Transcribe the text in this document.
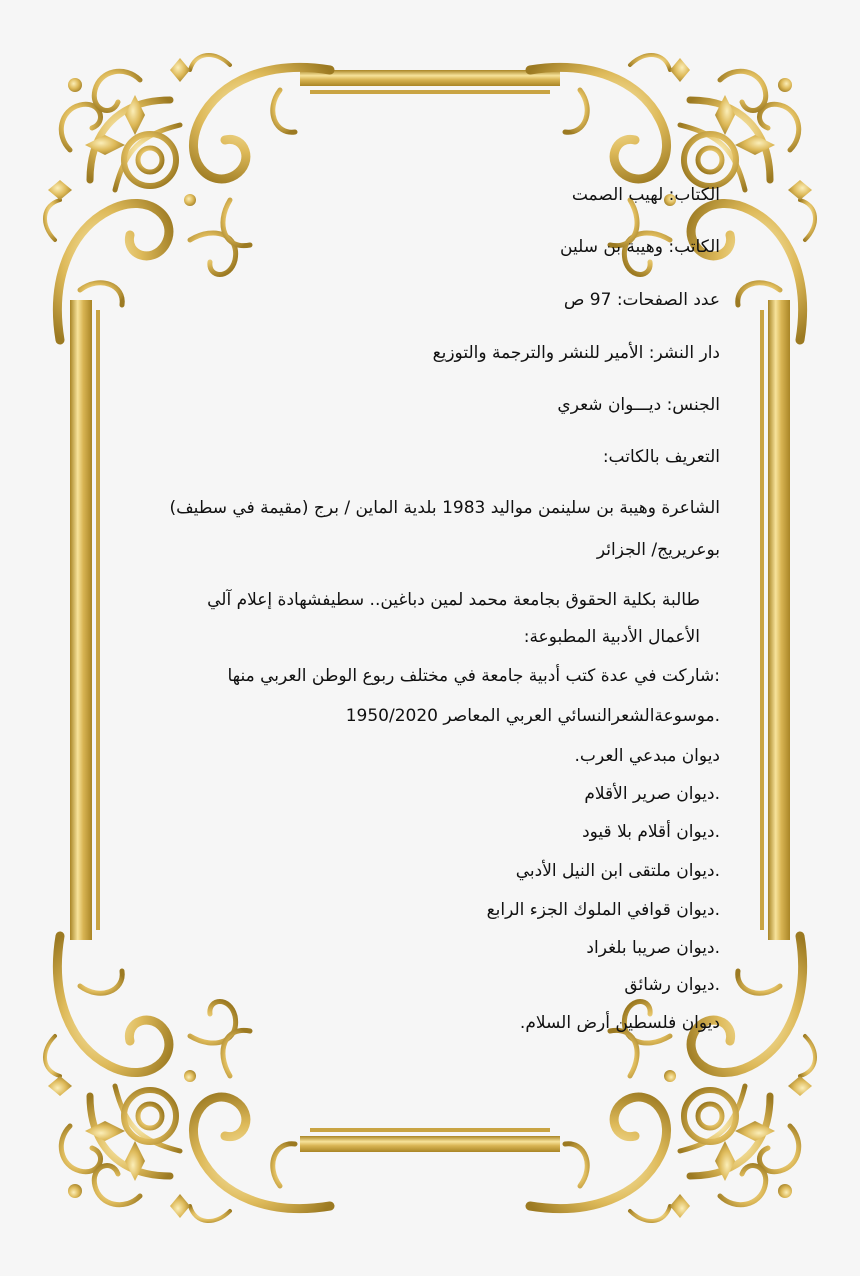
الكتاب: لهيب الصمت
الكاتب: وهيبة بن سلين
عدد الصفحات: 97 ص
دار النشر: الأمير للنشر والترجمة والتوزيع
الجنس: ديـــوان شعري
التعريف بالكاتب:
الشاعرة وهيبة بن سلينمن مواليد 1983 بلدية الماين / برج (مقيمة في سطيف)
بوعريريج/ الجزائر
طالبة بكلية الحقوق بجامعة محمد لمين دباغين.. سطيفشهادة إعلام آلي
الأعمال الأدبية المطبوعة:
:شاركت في عدة كتب أدبية جامعة في مختلف ربوع الوطن العربي منها
.موسوعةالشعرالنسائي العربي المعاصر 1950/2020
ديوان مبدعي العرب.
.ديوان صرير الأقلام
.ديوان أقلام بلا قيود
.ديوان ملتقى ابن النيل الأدبي
.ديوان قوافي الملوك الجزء الرابع
.ديوان صريبا بلغراد
.ديوان رشائق
ديوان فلسطين أرض السلام.
